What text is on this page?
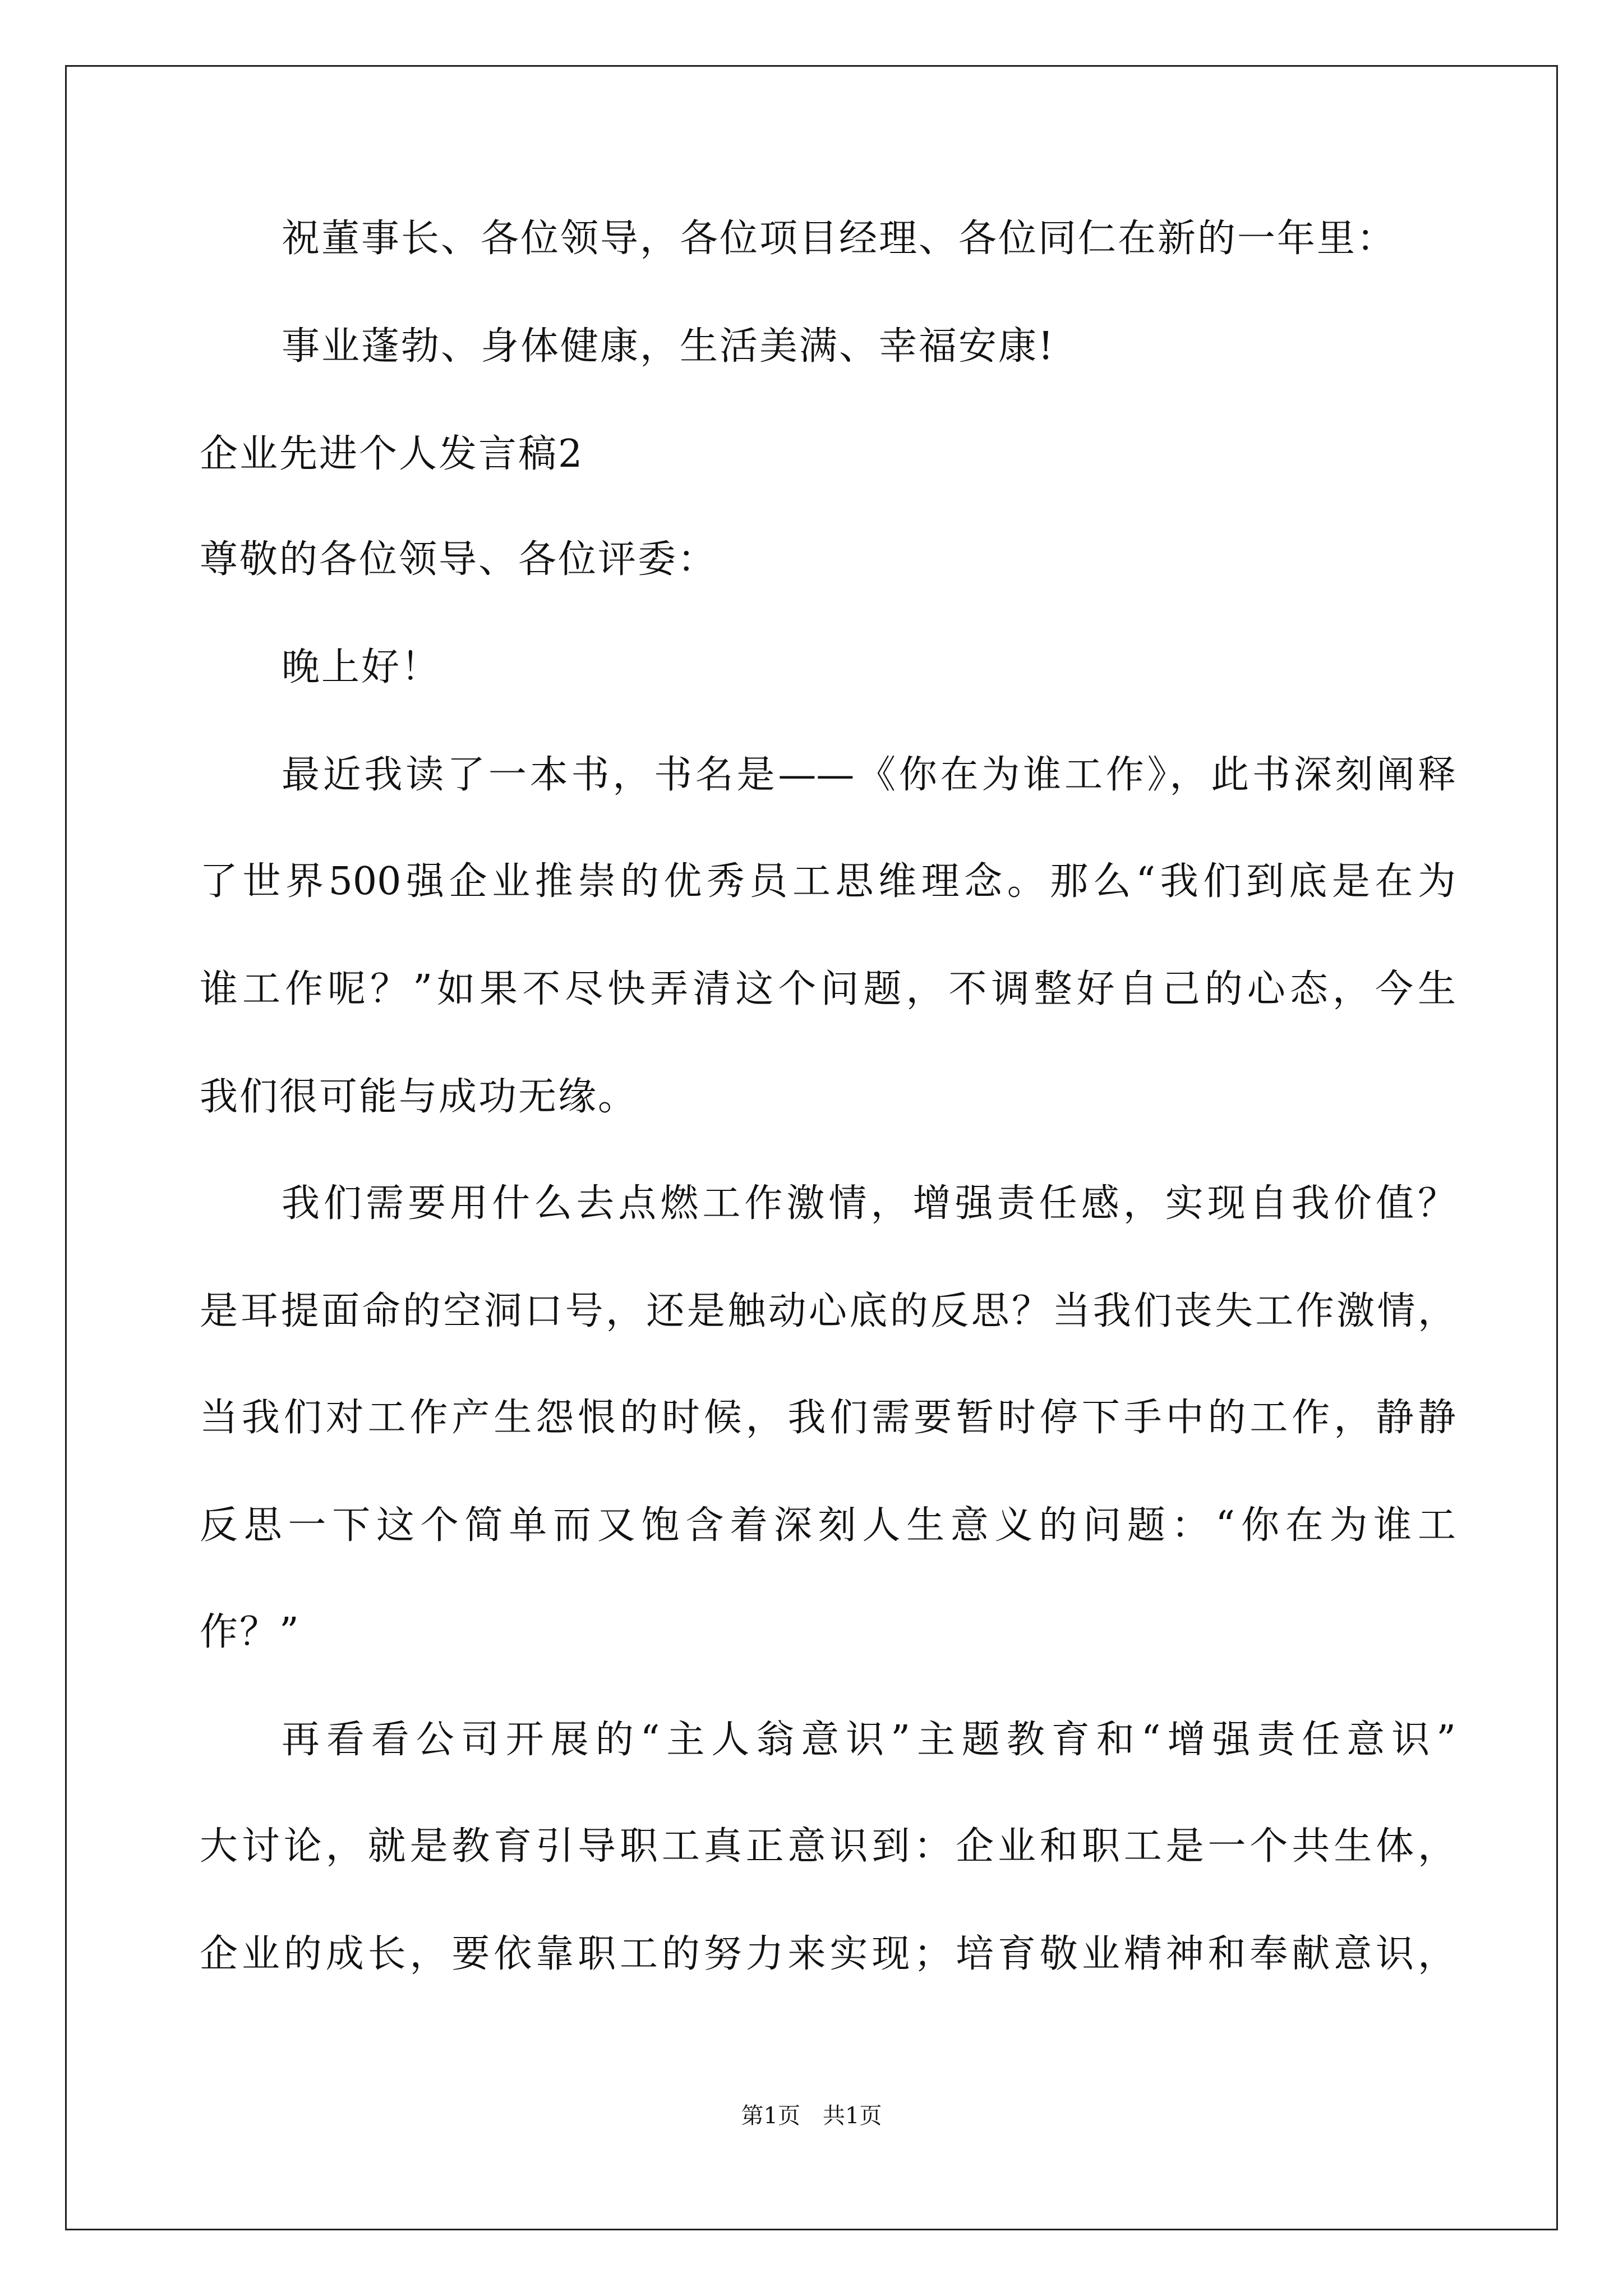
祝董事长、各位领导，各位项目经理、各位同仁在新的一年里：
事业蓬勃、身体健康，生活美满、幸福安康!
企业先进个人发言稿2
尊敬的各位领导、各位评委：
晚上好！
最近我读了一本书，书名是——《你在为谁工作》，此书深刻阐释
了世界500强企业推崇的优秀员工思维理念。那么“我们到底是在为
谁工作呢？”如果不尽快弄清这个问题，不调整好自己的心态，今生
我们很可能与成功无缘。
我们需要用什么去点燃工作激情，增强责任感，实现自我价值？
是耳提面命的空洞口号，还是触动心底的反思？当我们丧失工作激情，
当我们对工作产生怨恨的时候，我们需要暂时停下手中的工作，静静
反思一下这个简单而又饱含着深刻人生意义的问题：“你在为谁工
作？”
再看看公司开展的“主人翁意识”主题教育和“增强责任意识”
大讨论，就是教育引导职工真正意识到：企业和职工是一个共生体，
企业的成长，要依靠职工的努力来实现；培育敬业精神和奉献意识，
第1页　共1页
